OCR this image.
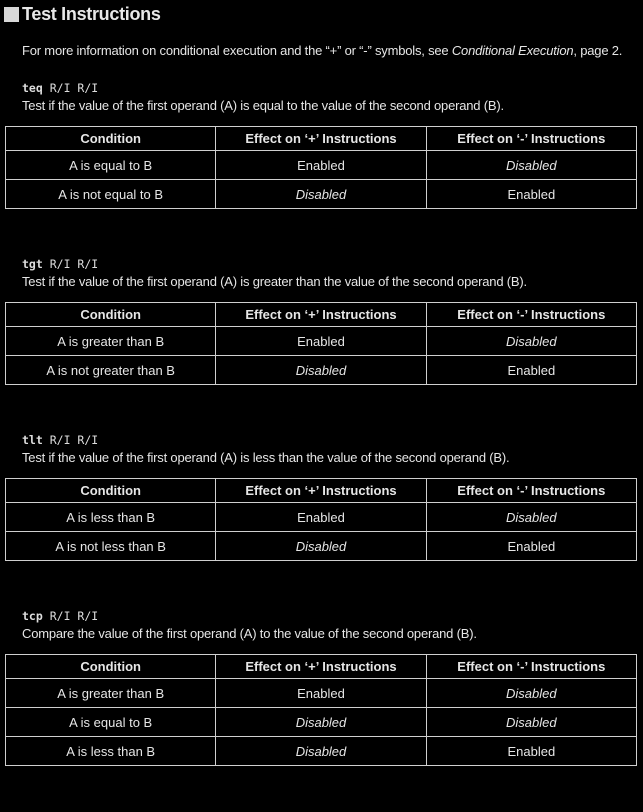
Test Instructions
For more information on conditional execution and the “+” or “-” symbols, see Conditional Execution, page 2.
teq R/I R/I
Test if the value of the first operand (A) is equal to the value of the second operand (B).
Condition	Effect on ‘+’ Instructions	Effect on ‘-’ Instructions
A is equal to B	Enabled	Disabled
A is not equal to B	Disabled	Enabled
tgt R/I R/I
Test if the value of the first operand (A) is greater than the value of the second operand (B).
Condition	Effect on ‘+’ Instructions	Effect on ‘-’ Instructions
A is greater than B	Enabled	Disabled
A is not greater than B	Disabled	Enabled
tlt R/I R/I
Test if the value of the first operand (A) is less than the value of the second operand (B).
Condition	Effect on ‘+’ Instructions	Effect on ‘-’ Instructions
A is less than B	Enabled	Disabled
A is not less than B	Disabled	Enabled
tcp R/I R/I
Compare the value of the first operand (A) to the value of the second operand (B).
Condition	Effect on ‘+’ Instructions	Effect on ‘-’ Instructions
A is greater than B	Enabled	Disabled
A is equal to B	Disabled	Disabled
A is less than B	Disabled	Enabled
